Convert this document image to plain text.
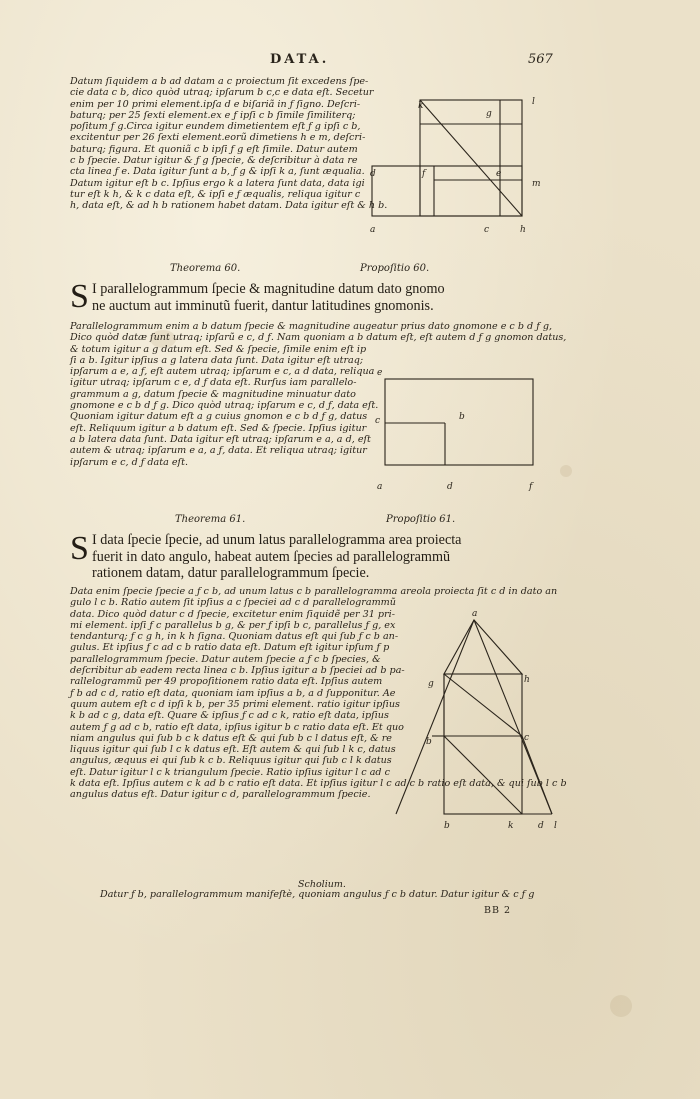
DATA.	567
Datum ſiquidem a b ad datam a c proiectum ſit excedens ſpe-
cie data c b, dico quòd utraq; ipſarum b c,c e data eſt. Secetur
enim per 10 primi element.ipſa d e biſariã in ƒ ſigno. Deſcri-
baturq; per 25 ſexti element.ex e ƒ ipſi c b ſimile ſimiliterq;
poſitum ƒ g.Circa igitur eundem dimetientem eſt ƒ g ipſi c b,
excitentur per 26 ſexti element.eorũ dimetiens h e m, deſcri-
baturq; figura. Et quoniã c b ipſi ƒ g eſt ſimile. Datur autem
c b ſpecie. Datur igitur & ƒ g ſpecie, & deſcribitur à data re
cta linea ƒ e. Data igitur ſunt a b, ƒ g & ipſi k a, ſunt æqualia.
Datum igitur eſt b c. Ipſius ergo k a latera ſunt data, data igi
tur eſt k h, & k c data eſt, & ipſi e ƒ æqualis, reliqua igitur c
h, data eſt, & ad h b rationem habet datam. Data igitur eſt & h b.
k
g
l
e
d	f
m
a	c	h
Theorema 60.	Propoſitio 60.
S I parallelogrammum ſpecie & magnitudine datum dato gnomo
ne auctum aut imminutũ fuerit, dantur latitudines gnomonis.
Parallelogrammum enim a b datum ſpecie & magnitudine augeatur prius dato gnomone e c b d ƒ g,
Dico quòd datæ ſunt utraq; ipſarũ e c, d ƒ. Nam quoniam a b datum eſt, eſt autem d ƒ g gnomon datus,
& totum igitur a g datum eſt. Sed & ſpecie, ſimile enim eſt ip
ſi a b. Igitur ipſius a g latera data ſunt. Data igitur eſt utraq;
ipſarum a e, a ƒ, eſt autem utraq; ipſarum e c, a d data, reliqua
igitur utraq; ipſarum c e, d ƒ data eſt. Rurſus iam parallelo-
grammum a g, datum ſpecie & magnitudine minuatur dato
gnomone e c b d ƒ g. Dico quòd utraq; ipſarum e c, d ƒ, data eſt.
Quoniam igitur datum eſt a g cuius gnomon e c b d ƒ g, datus
eſt. Reliquum igitur a b datum eſt. Sed & ſpecie. Ipſius igitur
a b latera data ſunt. Data igitur eſt utraq; ipſarum e a, a d, eſt
autem & utraq; ipſarum e a, a ƒ, data. Et reliqua utraq; igitur
ipſarum e c, d ƒ data eſt.
e
c	b
a	d	f
Theorema 61.	Propoſitio 61.
S I data ſpecie ſpecie, ad unum latus parallelogramma area proiecta
fuerit in dato angulo, habeat autem ſpecies ad parallelogrammũ
rationem datam, datur parallelogrammum ſpecie.
Data enim ſpecie ſpecie a ƒ c b, ad unum latus c b parallelogramma areola proiecta ſit c d in dato an
gulo l c b. Ratio autem ſit ipſius a c ſpeciei ad c d parallelogrammũ
data. Dico quòd datur c d ſpecie, excitetur enim ſiquidẽ per 31 pri-
mi element. ipſi ƒ c parallelus b g, & per ƒ ipſi b c, parallelus ƒ g, ex
tendanturq; ƒ c g h, in k h ſigna. Quoniam datus eſt qui ſub ƒ c b an-
gulus. Et ipſius ƒ c ad c b ratio data eſt. Datum eſt igitur ipſum ƒ p
parallelogrammum ſpecie. Datur autem ſpecie a ƒ c b ſpecies, &
deſcribitur ab eadem recta linea c b. Ipſius igitur a b ſpeciei ad b pa-
rallelogrammũ per 49 propoſitionem ratio data eſt. Ipſius autem
ƒ b ad c d, ratio eſt data, quoniam iam ipſius a b, a d ſupponitur. Ae
quum autem eſt c d ipſi k b, per 35 primi element. ratio igitur ipſius
k b ad c g, data eſt. Quare & ipſius ƒ c ad c k, ratio eſt data, ipſius
autem ƒ g ad c b, ratio eſt data, ipſius igitur b c ratio data eſt. Et quo
niam angulus qui ſub b c k datus eſt & qui ſub b c l datus eſt, & re
liquus igitur qui ſub l c k datus eſt. Eſt autem & qui ſub l k c, datus
angulus, æquus ei qui ſub k c b. Reliquus igitur qui ſub c l k datus
eſt. Datur igitur l c k triangulum ſpecie. Ratio ipſius igitur l c ad c
k data eſt. Ipſius autem c k ad b c ratio eſt data. Et ipſius igitur l c ad c b ratio eſt data, & qui ſub l c b
angulus datus eſt. Datur igitur c d, parallelogrammum ſpecie.
a
g	h
b	c
b	k	d l
Scholium.
Datur ƒ b, parallelogrammum manifeſtè, quoniam angulus ƒ c b datur. Datur igitur & c ƒ g
BB 2
